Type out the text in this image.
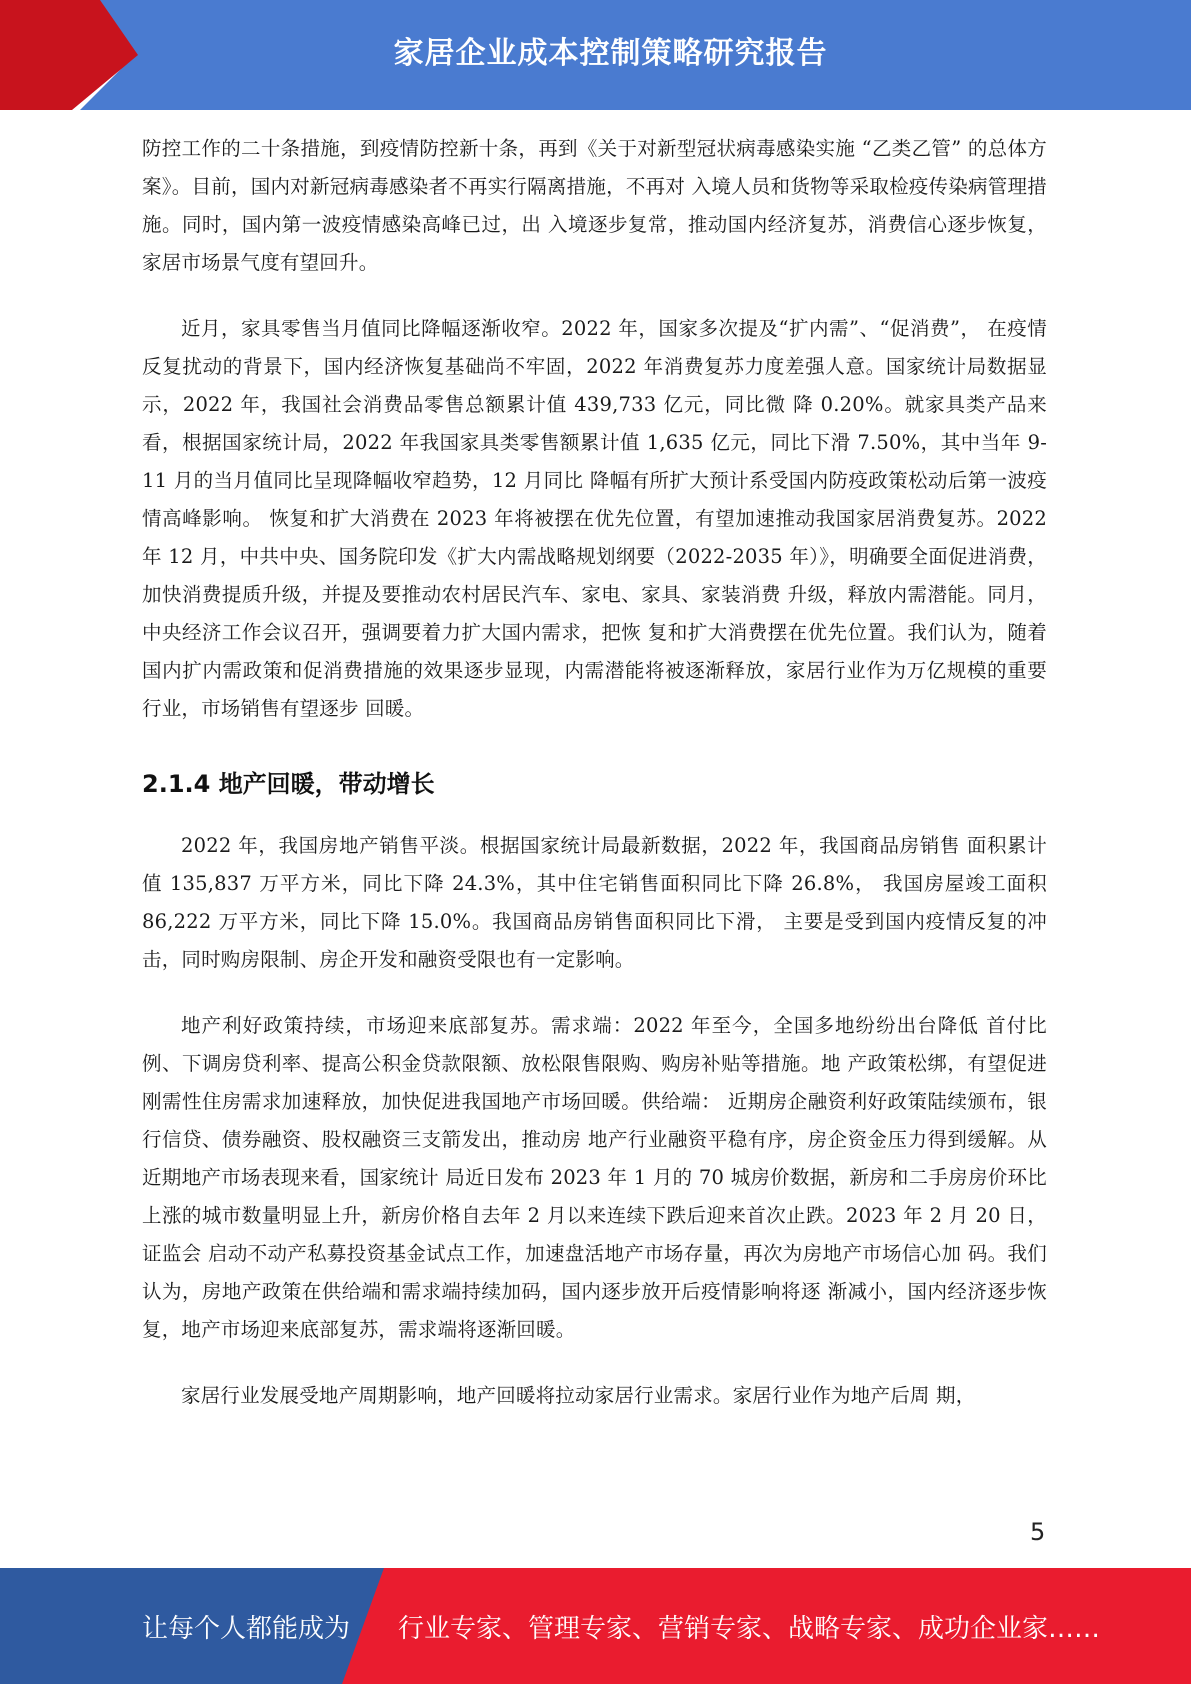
家居企业成本控制策略研究报告

防控工作的二十条措施，到疫情防控新十条，再到《关于对新型冠状病毒感染实施 “乙类乙管” 的总体方案》。目前，国内对新冠病毒感染者不再实行隔离措施，不再对 入境人员和货物等采取检疫传染病管理措施。同时，国内第一波疫情感染高峰已过，出 入境逐步复常，推动国内经济复苏，消费信心逐步恢复，家居市场景气度有望回升。

近月，家具零售当月值同比降幅逐渐收窄。2022 年，国家多次提及“扩内需”、“促消费”， 在疫情反复扰动的背景下，国内经济恢复基础尚不牢固，2022 年消费复苏力度差强人意。国家统计局数据显示，2022 年，我国社会消费品零售总额累计值 439,733 亿元，同比微 降 0.20%。就家具类产品来看，根据国家统计局，2022 年我国家具类零售额累计值 1,635 亿元，同比下滑 7.50%，其中当年 9-11 月的当月值同比呈现降幅收窄趋势，12 月同比 降幅有所扩大预计系受国内防疫政策松动后第一波疫情高峰影响。 恢复和扩大消费在 2023 年将被摆在优先位置，有望加速推动我国家居消费复苏。2022 年 12 月，中共中央、国务院印发《扩大内需战略规划纲要（2022-2035 年）》，明确要全面促进消费，加快消费提质升级，并提及要推动农村居民汽车、家电、家具、家装消费 升级，释放内需潜能。同月，中央经济工作会议召开，强调要着力扩大国内需求，把恢 复和扩大消费摆在优先位置。我们认为，随着国内扩内需政策和促消费措施的效果逐步显现，内需潜能将被逐渐释放，家居行业作为万亿规模的重要行业，市场销售有望逐步 回暖。

2.1.4 地产回暖，带动增长

2022 年，我国房地产销售平淡。根据国家统计局最新数据，2022 年，我国商品房销售 面积累计值 135,837 万平方米，同比下降 24.3%，其中住宅销售面积同比下降 26.8%， 我国房屋竣工面积 86,222 万平方米，同比下降 15.0%。我国商品房销售面积同比下滑， 主要是受到国内疫情反复的冲击，同时购房限制、房企开发和融资受限也有一定影响。

地产利好政策持续，市场迎来底部复苏。需求端：2022 年至今，全国多地纷纷出台降低 首付比例、下调房贷利率、提高公积金贷款限额、放松限售限购、购房补贴等措施。地 产政策松绑，有望促进刚需性住房需求加速释放，加快促进我国地产市场回暖。供给端： 近期房企融资利好政策陆续颁布，银行信贷、债券融资、股权融资三支箭发出，推动房 地产行业融资平稳有序，房企资金压力得到缓解。从近期地产市场表现来看，国家统计 局近日发布 2023 年 1 月的 70 城房价数据，新房和二手房房价环比上涨的城市数量明显上升，新房价格自去年 2 月以来连续下跌后迎来首次止跌。2023 年 2 月 20 日，证监会 启动不动产私募投资基金试点工作，加速盘活地产市场存量，再次为房地产市场信心加 码。我们认为，房地产政策在供给端和需求端持续加码，国内逐步放开后疫情影响将逐 渐减小，国内经济逐步恢复，地产市场迎来底部复苏，需求端将逐渐回暖。

家居行业发展受地产周期影响，地产回暖将拉动家居行业需求。家居行业作为地产后周 期，

5
让每个人都能成为 行业专家、管理专家、营销专家、战略专家、成功企业家……
